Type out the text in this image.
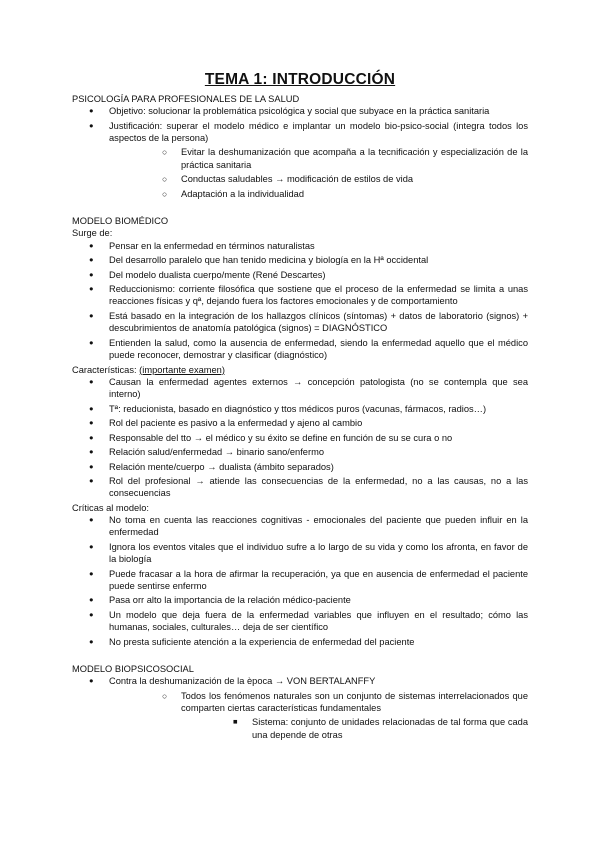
TEMA 1: INTRODUCCIÓN
PSICOLOGÍA PARA PROFESIONALES DE LA SALUD
● Objetivo: solucionar la problemática psicológica y social que subyace en la práctica sanitaria
● Justificación: superar el modelo médico e implantar un modelo bio-psico-social (integra todos los aspectos de la persona)
○ Evitar la deshumanización que acompaña a la tecnificación y especialización de la práctica sanitaria
○ Conductas saludables → modificación de estilos de vida
○ Adaptación a la individualidad
MODELO BIOMÉDICO
Surge de:
● Pensar en la enfermedad en términos naturalistas
● Del desarrollo paralelo que han tenido medicina y biología en la Hª occidental
● Del modelo dualista cuerpo/mente (René Descartes)
● Reduccionismo: corriente filosófica que sostiene que el proceso de la enfermedad se limita a unas reacciones físicas y qª, dejando fuera los factores emocionales y de comportamiento
● Está basado en la integración de los hallazgos clínicos (síntomas) + datos de laboratorio (signos) + descubrimientos de anatomía patológica (signos) = DIAGNÓSTICO
● Entienden la salud, como la ausencia de enfermedad, siendo la enfermedad aquello que el médico puede reconocer, demostrar y clasificar (diagnóstico)
Características: (importante examen)
● Causan la enfermedad agentes externos → concepción patologista (no se contempla que sea interno)
● Tª: reducionista, basado en diagnóstico y ttos médicos puros (vacunas, fármacos, radios…)
● Rol del paciente es pasivo a la enfermedad y ajeno al cambio
● Responsable del tto → el médico y su éxito se define en función de su se cura o no
● Relación salud/enfermedad → binario sano/enfermo
● Relación mente/cuerpo → dualista (ámbito separados)
● Rol del profesional → atiende las consecuencias de la enfermedad, no a las causas, no a las consecuencias
Críticas al modelo:
● No toma en cuenta las reacciones cognitivas - emocionales del paciente que pueden influir en la enfermedad
● Ignora los eventos vitales que el individuo sufre a lo largo de su vida y como los afronta, en favor de la biología
● Puede fracasar a la hora de afirmar la recuperación, ya que en ausencia de enfermedad el paciente puede sentirse enfermo
● Pasa orr alto la importancia de la relación médico-paciente
● Un modelo que deja fuera de la enfermedad variables que influyen en el resultado; cómo las humanas, sociales, culturales… deja de ser científico
● No presta suficiente atención a la experiencia de enfermedad del paciente
MODELO BIOPSICOSOCIAL
● Contra la deshumanización de la època → VON BERTALANFFY
○ Todos los fenómenos naturales son un conjunto de sistemas interrelacionados que comparten ciertas características fundamentales
■ Sistema: conjunto de unidades relacionadas de tal forma que cada una depende de otras
